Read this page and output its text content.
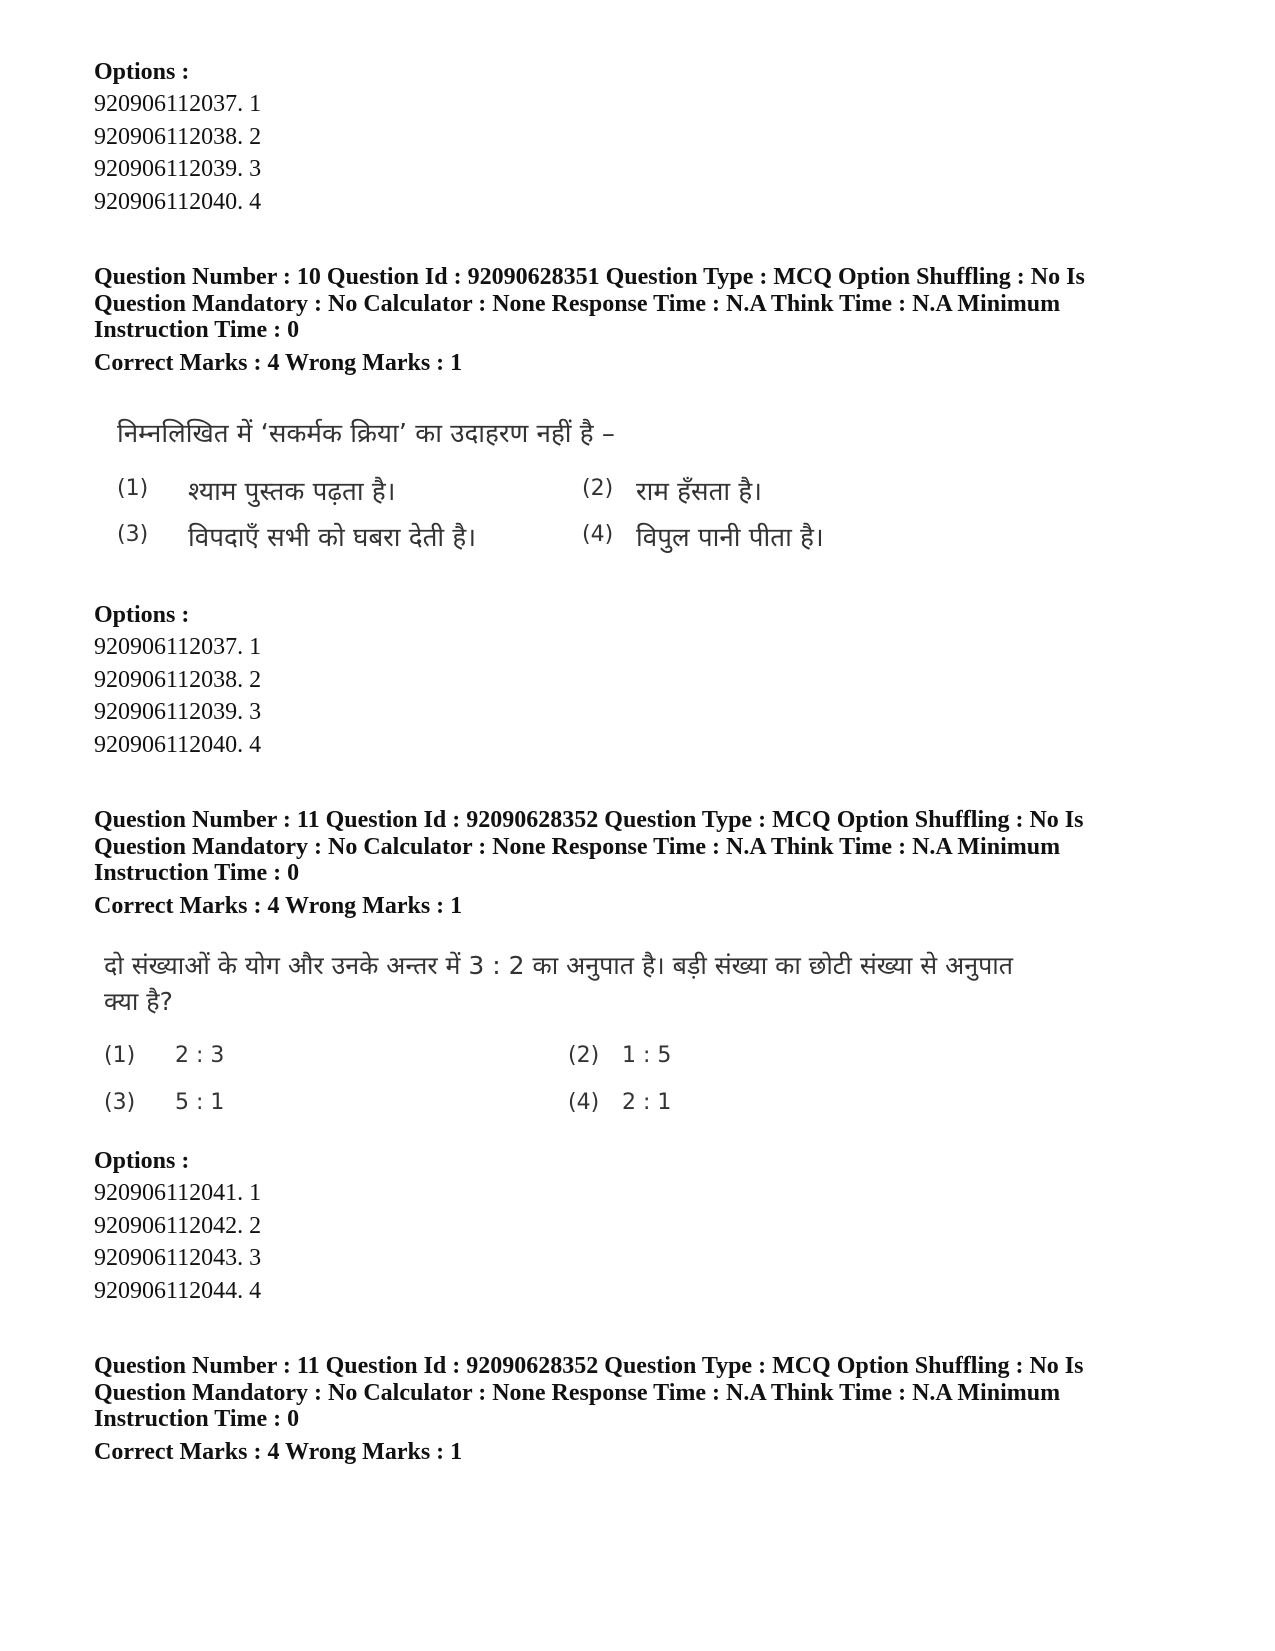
Options :
920906112037. 1
920906112038. 2
920906112039. 3
920906112040. 4
Question Number : 10 Question Id : 92090628351 Question Type : MCQ Option Shuffling : No Is
Question Mandatory : No Calculator : None Response Time : N.A Think Time : N.A Minimum
Instruction Time : 0
Correct Marks : 4 Wrong Marks : 1
निम्नलिखित में ‘सकर्मक क्रिया’ का उदाहरण नहीं है –
(1) श्याम पुस्तक पढ़ता है।	(2) राम हँसता है।
(3) विपदाएँ सभी को घबरा देती है।	(4) विपुल पानी पीता है।
Options :
920906112037. 1
920906112038. 2
920906112039. 3
920906112040. 4
Question Number : 11 Question Id : 92090628352 Question Type : MCQ Option Shuffling : No Is
Question Mandatory : No Calculator : None Response Time : N.A Think Time : N.A Minimum
Instruction Time : 0
Correct Marks : 4 Wrong Marks : 1
दो संख्याओं के योग और उनके अन्तर में 3 : 2 का अनुपात है। बड़ी संख्या का छोटी संख्या से अनुपात
क्या है?
(1) 2 : 3	(2) 1 : 5
(3) 5 : 1	(4) 2 : 1
Options :
920906112041. 1
920906112042. 2
920906112043. 3
920906112044. 4
Question Number : 11 Question Id : 92090628352 Question Type : MCQ Option Shuffling : No Is
Question Mandatory : No Calculator : None Response Time : N.A Think Time : N.A Minimum
Instruction Time : 0
Correct Marks : 4 Wrong Marks : 1
